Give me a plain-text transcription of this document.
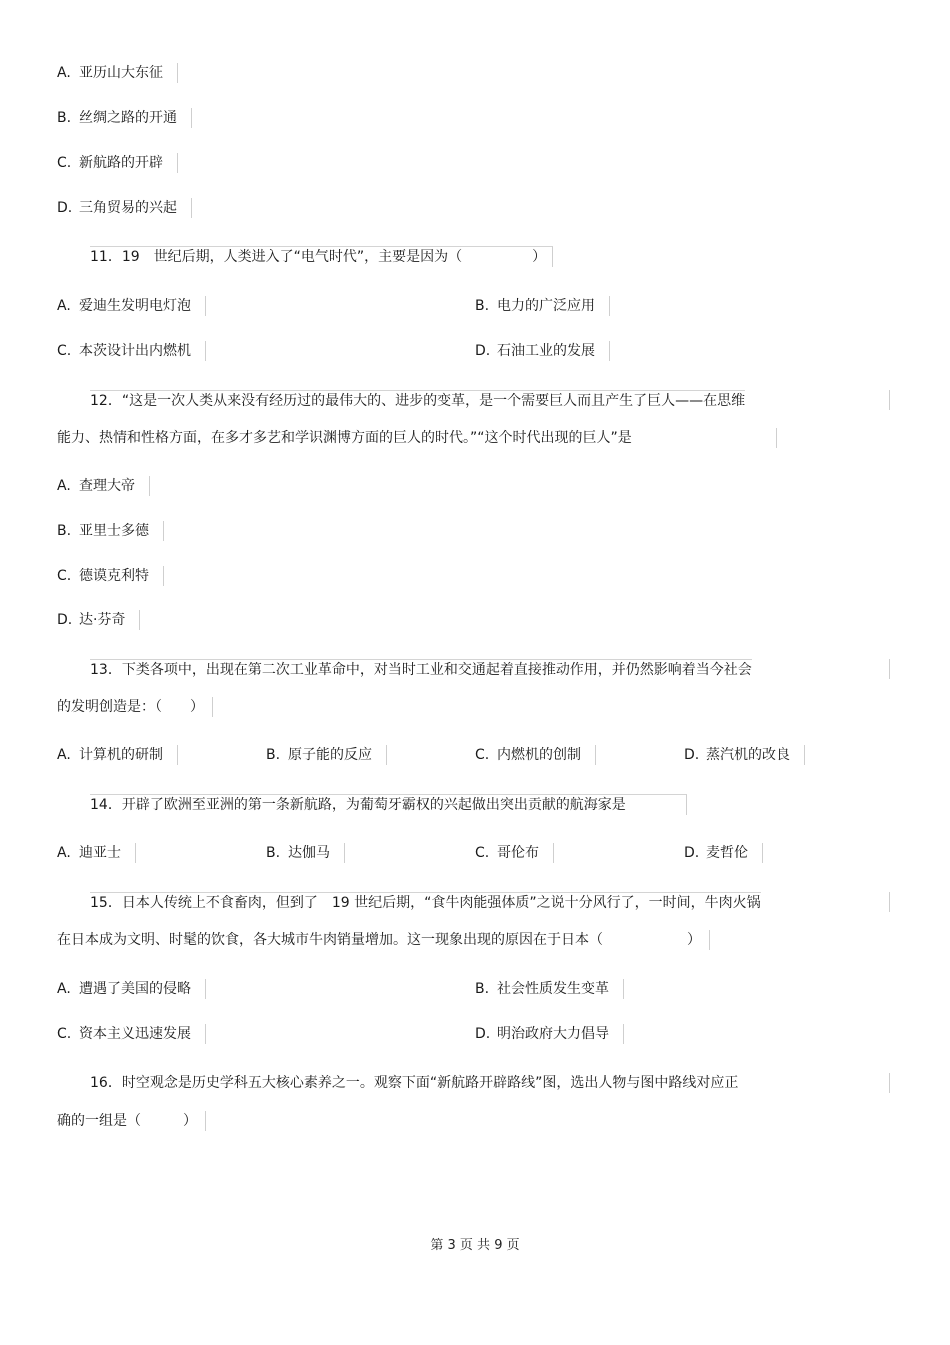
A. 亚历山大东征
B. 丝绸之路的开通
C. 新航路的开辟
D. 三角贸易的兴起
11．19　世纪后期，人类进入了“电气时代”，主要是因为（　　　　　）
A. 爱迪生发明电灯泡	B. 电力的广泛应用
C. 本茨设计出内燃机	D. 石油工业的发展
12．“这是一次人类从来没有经历过的最伟大的、进步的变革，是一个需要巨人而且产生了巨人——在思维
能力、热情和性格方面，在多才多艺和学识渊博方面的巨人的时代。”“这个时代出现的巨人”是
A. 查理大帝
B. 亚里士多德
C. 德谟克利特
D. 达·芬奇
13．下类各项中，出现在第二次工业革命中，对当时工业和交通起着直接推动作用，并仍然影响着当今社会
的发明创造是：（　　）
A. 计算机的研制	B. 原子能的反应	C. 内燃机的创制	D. 蒸汽机的改良
14．开辟了欧洲至亚洲的第一条新航路，为葡萄牙霸权的兴起做出突出贡献的航海家是
A. 迪亚士	B. 达伽马	C. 哥伦布	D. 麦哲伦
15．日本人传统上不食畜肉，但到了　19 世纪后期，“食牛肉能强体质”之说十分风行了，一时间，牛肉火锅
在日本成为文明、时髦的饮食，各大城市牛肉销量增加。这一现象出现的原因在于日本（　　　　　　）
A. 遭遇了美国的侵略	B. 社会性质发生变革
C. 资本主义迅速发展	D. 明治政府大力倡导
16．时空观念是历史学科五大核心素养之一。观察下面“新航路开辟路线”图，选出人物与图中路线对应正
确的一组是（　　　）
第 3 页 共 9 页
